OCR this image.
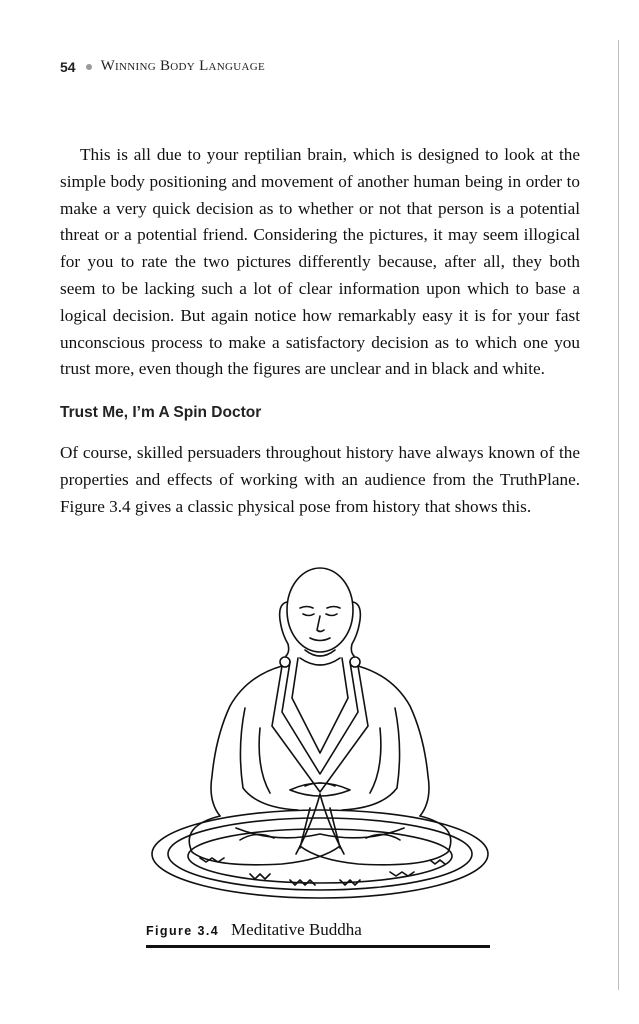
54 Winning Body Language

This is all due to your reptilian brain, which is designed to look at the simple body positioning and movement of another human being in order to make a very quick decision as to whether or not that person is a potential threat or a potential friend. Considering the pictures, it may seem illogical for you to rate the two pictures differently because, after all, they both seem to be lacking such a lot of clear information upon which to base a logical decision. But again notice how remarkably easy it is for your fast unconscious process to make a satisfactory decision as to which one you trust more, even though the figures are unclear and in black and white.

Trust Me, I’m A Spin Doctor

Of course, skilled persuaders throughout history have always known of the properties and effects of working with an audience from the TruthPlane. Figure 3.4 gives a classic physical pose from history that shows this.

Figure 3.4 Meditative Buddha
